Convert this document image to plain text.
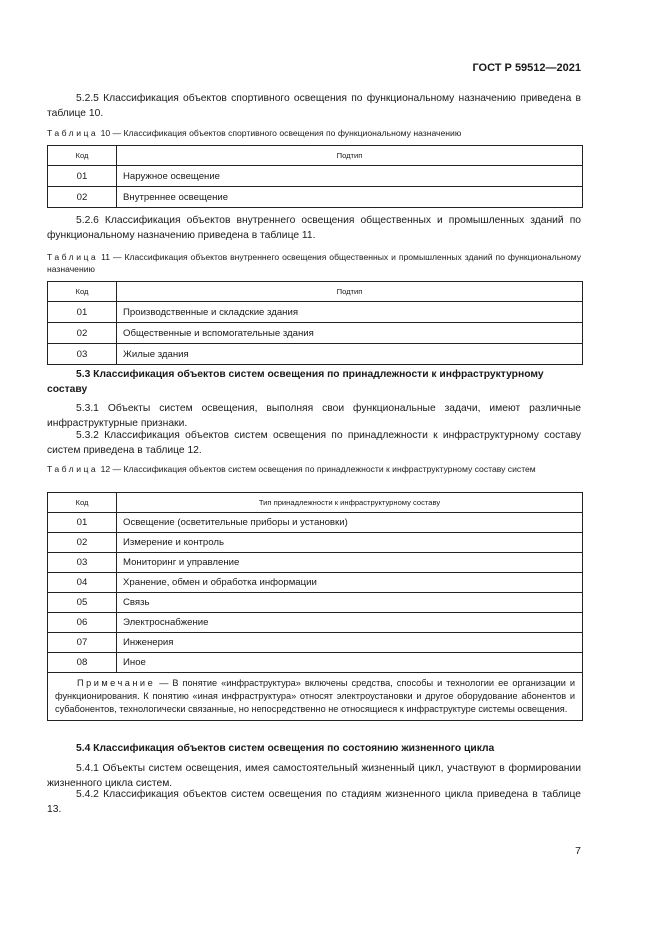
ГОСТ Р 59512—2021

5.2.5 Классификация объектов спортивного освещения по функциональному назначению приведена в таблице 10.

Таблица 10 — Классификация объектов спортивного освещения по функциональному назначению

Код	Подтип
01	Наружное освещение
02	Внутреннее освещение

5.2.6 Классификация объектов внутреннего освещения общественных и промышленных зданий по функциональному назначению приведена в таблице 11.

Таблица 11 — Классификация объектов внутреннего освещения общественных и промышленных зданий по функциональному назначению

Код	Подтип
01	Производственные и складские здания
02	Общественные и вспомогательные здания
03	Жилые здания

5.3 Классификация объектов систем освещения по принадлежности к инфраструктурному составу

5.3.1 Объекты систем освещения, выполняя свои функциональные задачи, имеют различные инфраструктурные признаки.

5.3.2 Классификация объектов систем освещения по принадлежности к инфраструктурному составу систем приведена в таблице 12.

Таблица 12 — Классификация объектов систем освещения по принадлежности к инфраструктурному составу систем

Код	Тип принадлежности к инфраструктурному составу
01	Освещение (осветительные приборы и установки)
02	Измерение и контроль
03	Мониторинг и управление
04	Хранение, обмен и обработка информации
05	Связь
06	Электроснабжение
07	Инженерия
08	Иное
Примечание — В понятие «инфраструктура» включены средства, способы и технологии ее организации и функционирования. К понятию «иная инфраструктура» относят электроустановки и другое оборудование абонентов и субабонентов, технологически связанные, но непосредственно не относящиеся к инфраструктуре системы освещения.	

5.4 Классификация объектов систем освещения по состоянию жизненного цикла

5.4.1 Объекты систем освещения, имея самостоятельный жизненный цикл, участвуют в формировании жизненного цикла систем.

5.4.2 Классификация объектов систем освещения по стадиям жизненного цикла приведена в таблице 13.

7
